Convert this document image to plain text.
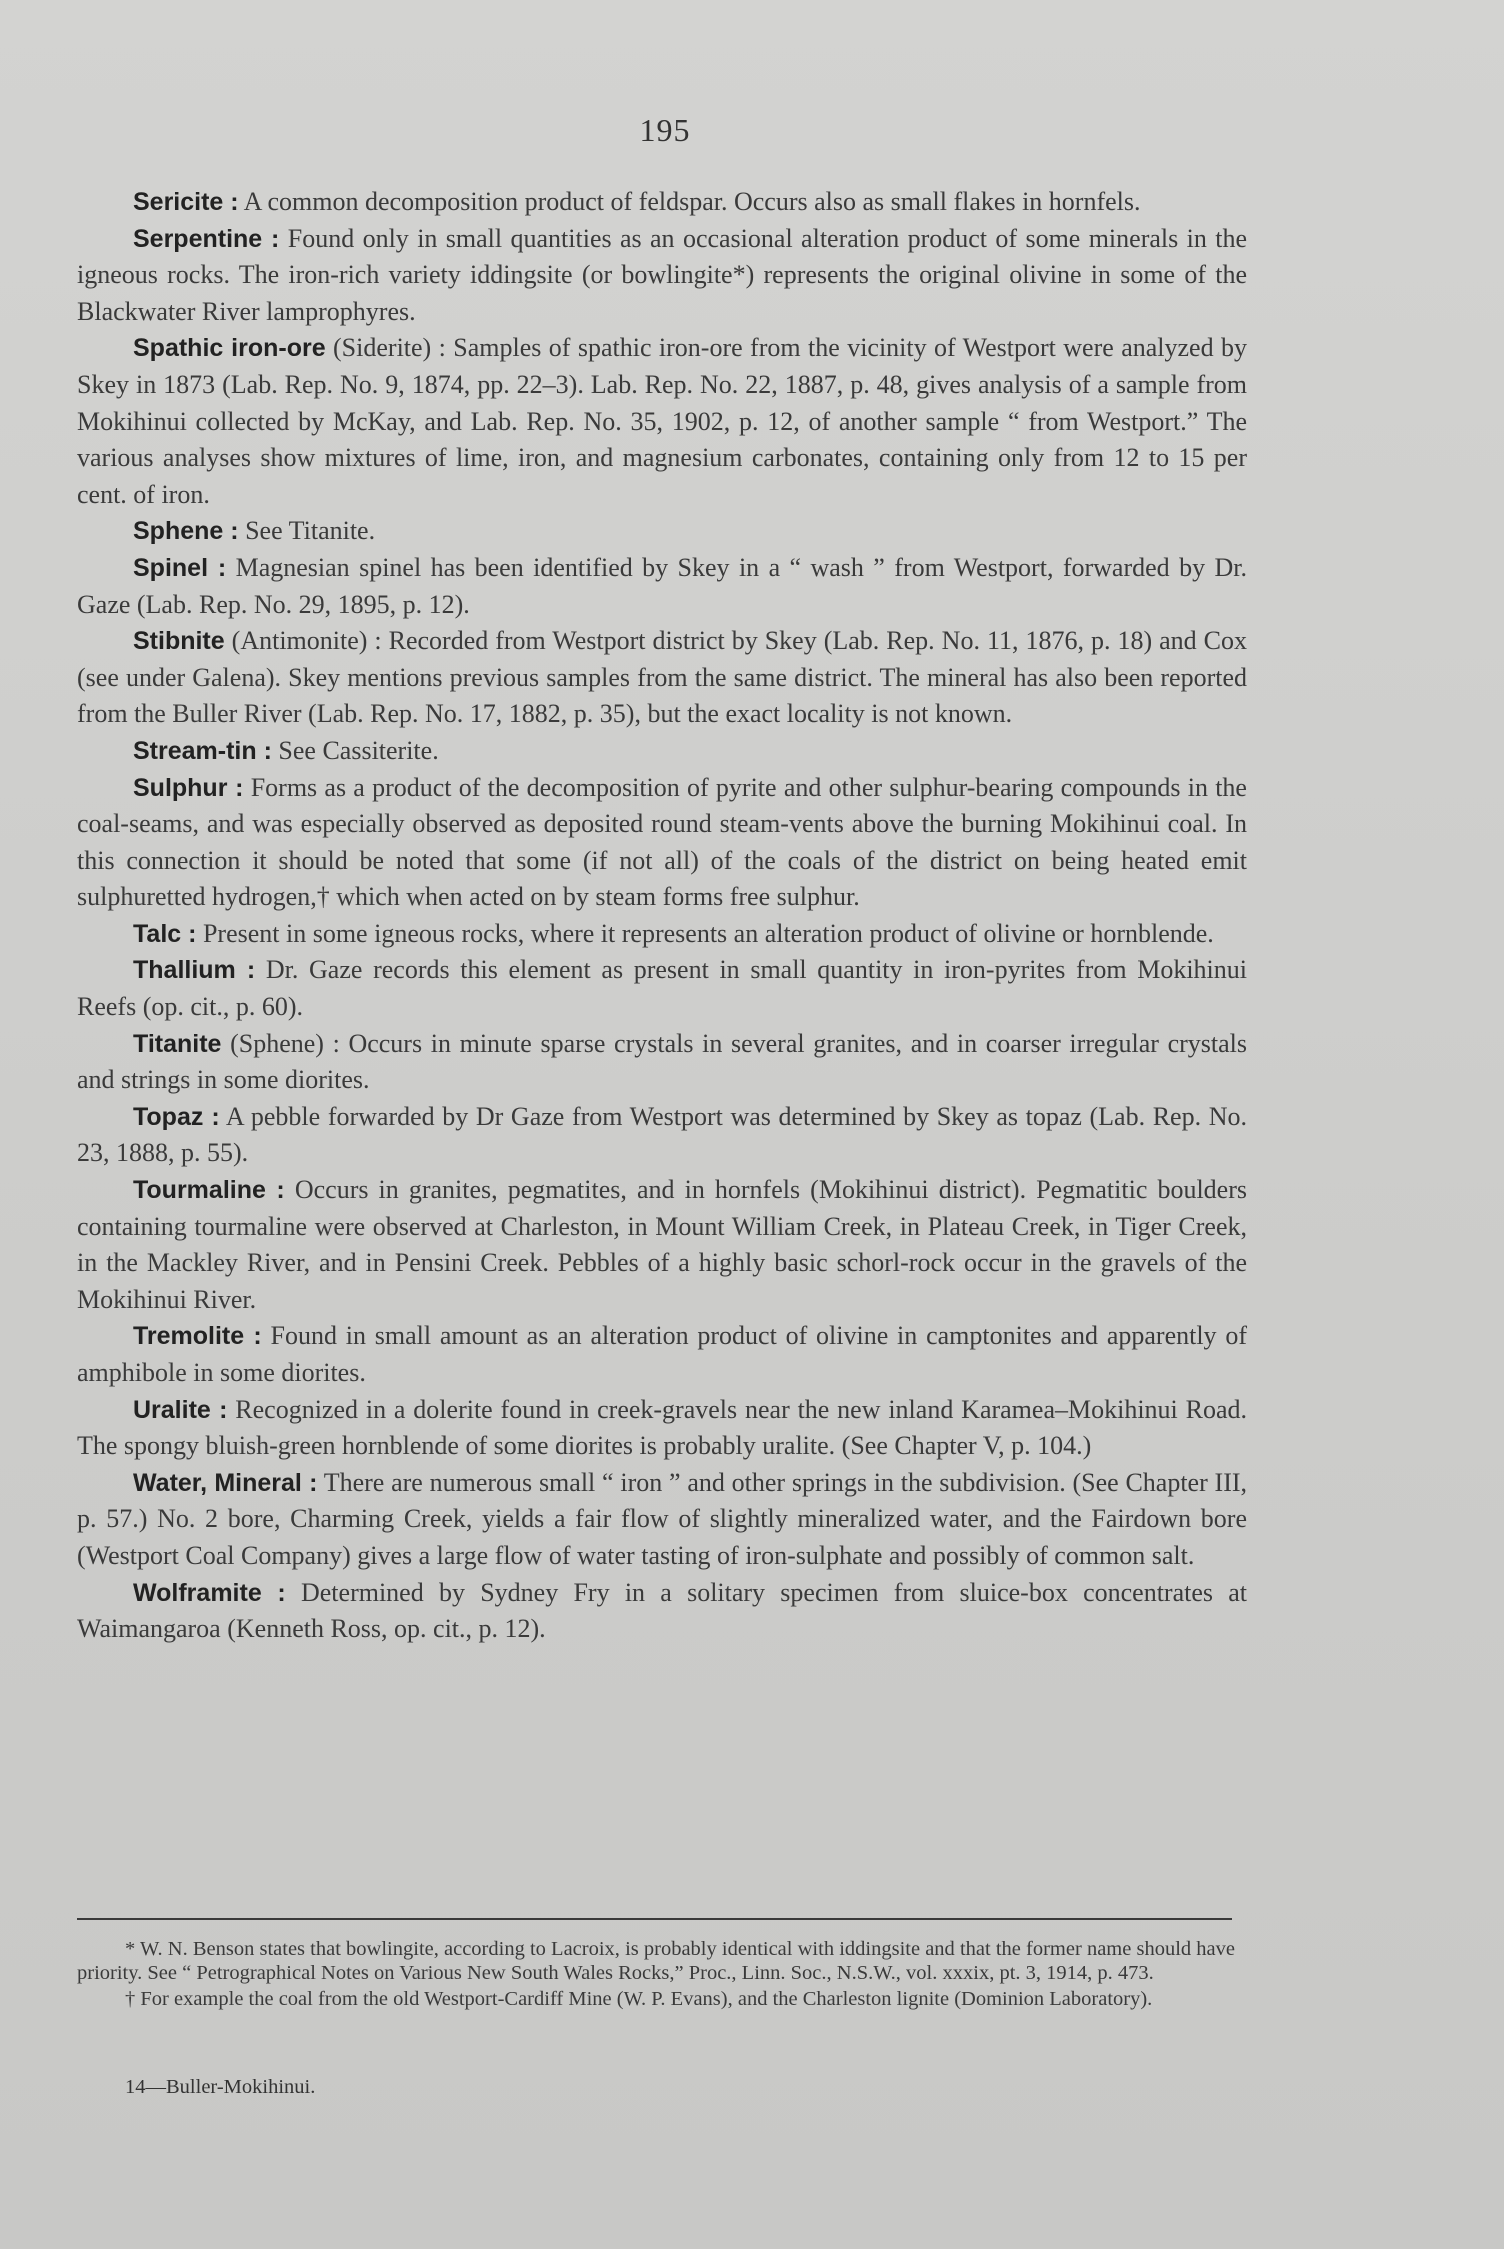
195

Sericite : A common decomposition product of feldspar. Occurs also as small flakes in hornfels.

Serpentine : Found only in small quantities as an occasional alteration product of some minerals in the igneous rocks. The iron-rich variety iddingsite (or bowlingite*) represents the original olivine in some of the Blackwater River lamprophyres.

Spathic iron-ore (Siderite) : Samples of spathic iron-ore from the vicinity of Westport were analyzed by Skey in 1873 (Lab. Rep. No. 9, 1874, pp. 22–3). Lab. Rep. No. 22, 1887, p. 48, gives analysis of a sample from Mokihinui collected by McKay, and Lab. Rep. No. 35, 1902, p. 12, of another sample “ from Westport.” The various analyses show mixtures of lime, iron, and magnesium carbonates, containing only from 12 to 15 per cent. of iron.

Sphene : See Titanite.

Spinel : Magnesian spinel has been identified by Skey in a “ wash ” from Westport, forwarded by Dr. Gaze (Lab. Rep. No. 29, 1895, p. 12).

Stibnite (Antimonite) : Recorded from Westport district by Skey (Lab. Rep. No. 11, 1876, p. 18) and Cox (see under Galena). Skey mentions previous samples from the same district. The mineral has also been reported from the Buller River (Lab. Rep. No. 17, 1882, p. 35), but the exact locality is not known.

Stream-tin : See Cassiterite.

Sulphur : Forms as a product of the decomposition of pyrite and other sulphur-bearing compounds in the coal-seams, and was especially observed as deposited round steam-vents above the burning Mokihinui coal. In this connection it should be noted that some (if not all) of the coals of the district on being heated emit sulphuretted hydrogen,† which when acted on by steam forms free sulphur.

Talc : Present in some igneous rocks, where it represents an alteration product of olivine or hornblende.

Thallium : Dr. Gaze records this element as present in small quantity in iron-pyrites from Mokihinui Reefs (op. cit., p. 60).

Titanite (Sphene) : Occurs in minute sparse crystals in several granites, and in coarser irregular crystals and strings in some diorites.

Topaz : A pebble forwarded by Dr Gaze from Westport was determined by Skey as topaz (Lab. Rep. No. 23, 1888, p. 55).

Tourmaline : Occurs in granites, pegmatites, and in hornfels (Mokihinui district). Pegmatitic boulders containing tourmaline were observed at Charleston, in Mount William Creek, in Plateau Creek, in Tiger Creek, in the Mackley River, and in Pensini Creek. Pebbles of a highly basic schorl-rock occur in the gravels of the Mokihinui River.

Tremolite : Found in small amount as an alteration product of olivine in camptonites and apparently of amphibole in some diorites.

Uralite : Recognized in a dolerite found in creek-gravels near the new inland Karamea–Mokihinui Road. The spongy bluish-green hornblende of some diorites is probably uralite. (See Chapter V, p. 104.)

Water, Mineral : There are numerous small “ iron ” and other springs in the subdivision. (See Chapter III, p. 57.) No. 2 bore, Charming Creek, yields a fair flow of slightly mineralized water, and the Fairdown bore (Westport Coal Company) gives a large flow of water tasting of iron-sulphate and possibly of common salt.

Wolframite : Determined by Sydney Fry in a solitary specimen from sluice-box concentrates at Waimangaroa (Kenneth Ross, op. cit., p. 12).

* W. N. Benson states that bowlingite, according to Lacroix, is probably identical with iddingsite and that the former name should have priority. See “ Petrographical Notes on Various New South Wales Rocks,” Proc., Linn. Soc., N.S.W., vol. xxxix, pt. 3, 1914, p. 473.

† For example the coal from the old Westport-Cardiff Mine (W. P. Evans), and the Charleston lignite (Dominion Laboratory).

14—Buller-Mokihinui.
